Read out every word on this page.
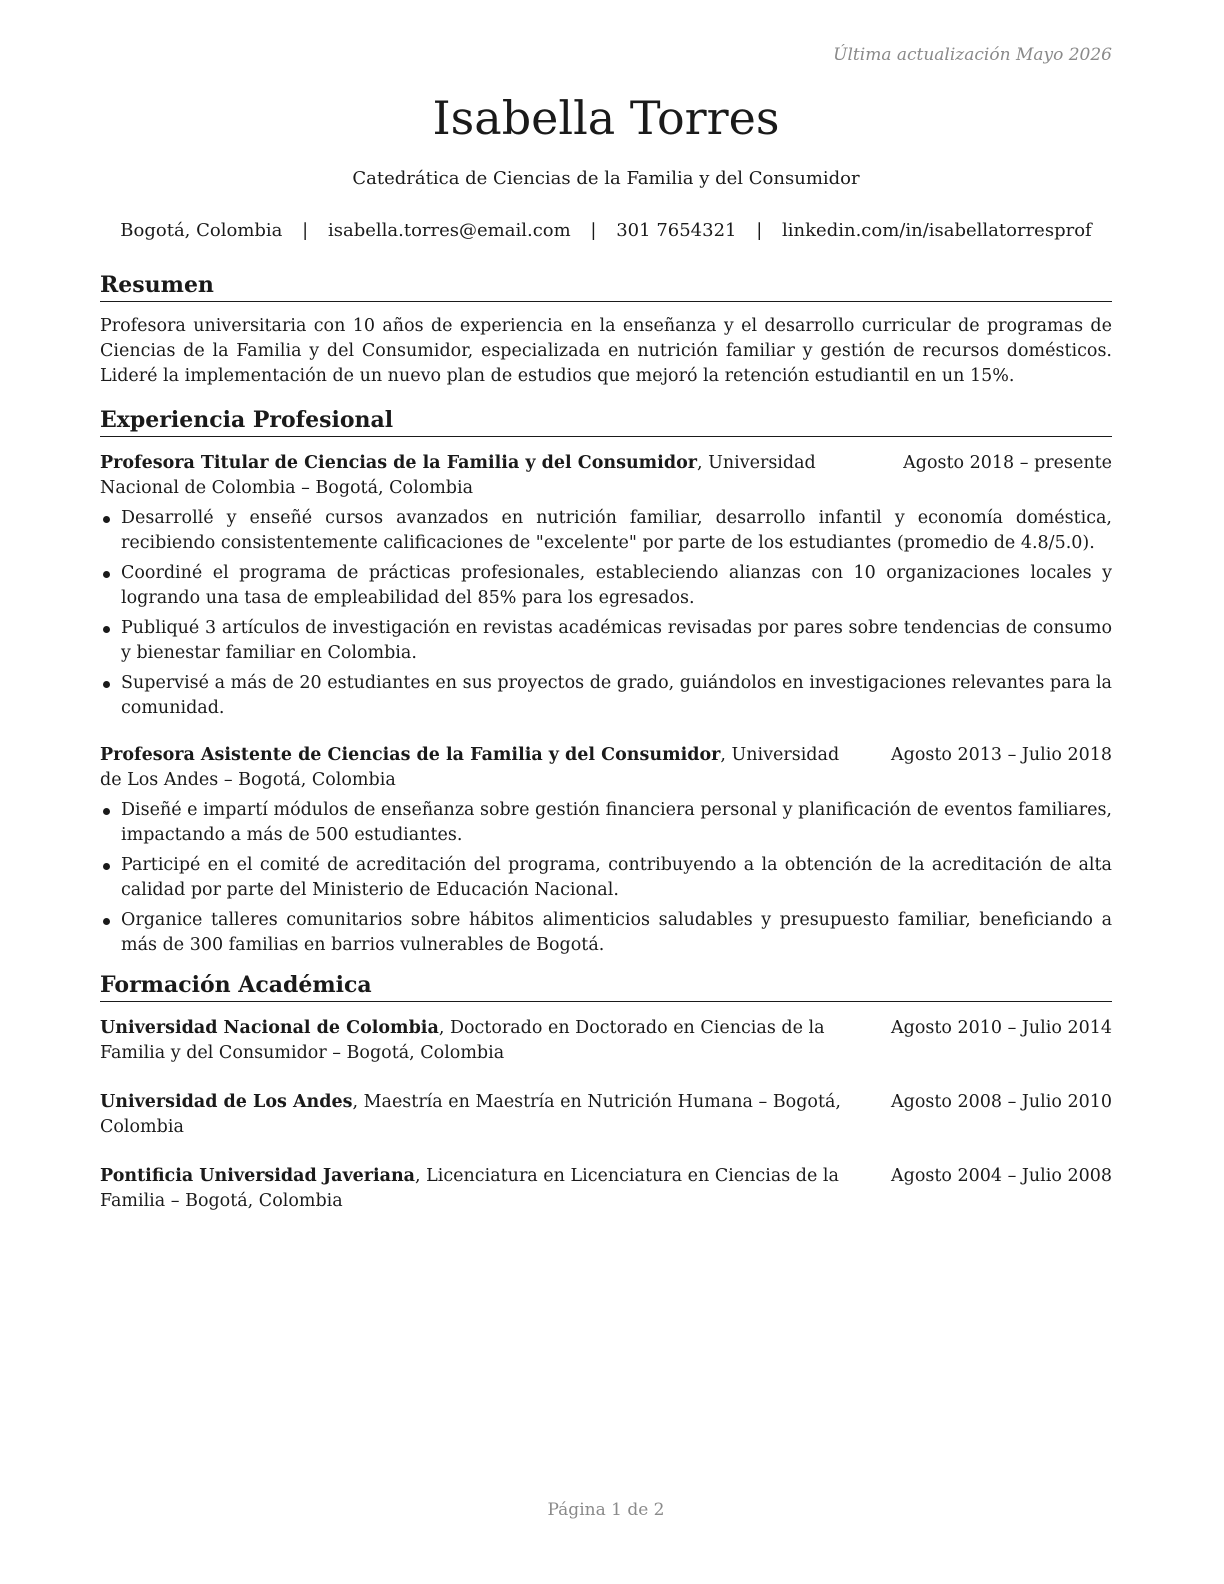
Última actualización Mayo 2026
Isabella Torres
Catedrática de Ciencias de la Familia y del Consumidor
Bogotá, Colombia | isabella.torres@email.com | 301 7654321 | linkedin.com/in/isabellatorresprof
Resumen

Profesora universitaria con 10 años de experiencia en la enseñanza y el desarrollo curricular de programas de Ciencias de la Familia y del Consumidor, especializada en nutrición familiar y gestión de recursos domésticos. Lideré la implementación de un nuevo plan de estudios que mejoró la retención estudiantil en un 15%.

Experiencia Profesional
Profesora Titular de Ciencias de la Familia y del Consumidor, Universidad Nacional de Colombia – Bogotá, Colombia
Agosto 2018 – presente
Desarrollé y enseñé cursos avanzados en nutrición familiar, desarrollo infantil y economía doméstica, recibiendo consistentemente calificaciones de "excelente" por parte de los estudiantes (promedio de 4.8/5.0).
Coordiné el programa de prácticas profesionales, estableciendo alianzas con 10 organizaciones locales y logrando una tasa de empleabilidad del 85% para los egresados.
Publiqué 3 artículos de investigación en revistas académicas revisadas por pares sobre tendencias de consumo y bienestar familiar en Colombia.
Supervisé a más de 20 estudiantes en sus proyectos de grado, guiándolos en investigaciones relevantes para la comunidad.
Profesora Asistente de Ciencias de la Familia y del Consumidor, Universidad de Los Andes – Bogotá, Colombia
Agosto 2013 – Julio 2018
Diseñé e impartí módulos de enseñanza sobre gestión financiera personal y planificación de eventos familiares, impactando a más de 500 estudiantes.
Participé en el comité de acreditación del programa, contribuyendo a la obtención de la acreditación de alta calidad por parte del Ministerio de Educación Nacional.
Organice talleres comunitarios sobre hábitos alimenticios saludables y presupuesto familiar, beneficiando a más de 300 familias en barrios vulnerables de Bogotá.
Formación Académica
Universidad Nacional de Colombia, Doctorado en Doctorado en Ciencias de la Familia y del Consumidor – Bogotá, Colombia
Agosto 2010 – Julio 2014
Universidad de Los Andes, Maestría en Maestría en Nutrición Humana – Bogotá, Colombia
Agosto 2008 – Julio 2010
Pontificia Universidad Javeriana, Licenciatura en Licenciatura en Ciencias de la Familia – Bogotá, Colombia
Agosto 2004 – Julio 2008
Página 1 de 2
